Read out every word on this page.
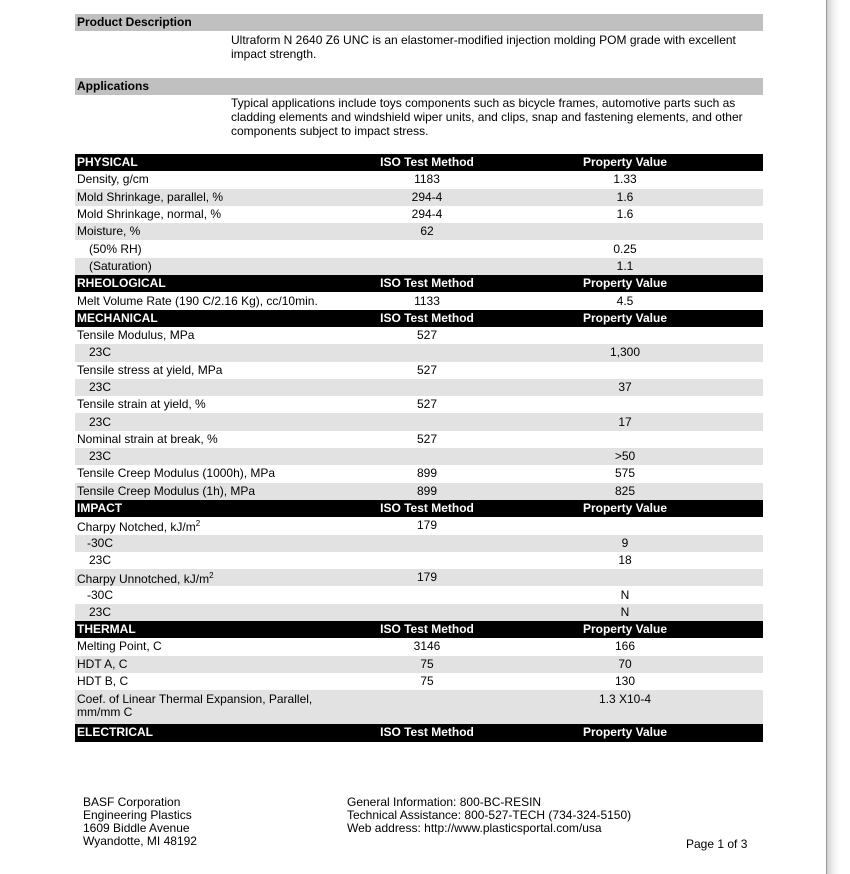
Product Description
Ultraform N 2640 Z6 UNC is an elastomer-modified injection molding POM grade with excellent impact strength.
Applications
Typical applications include toys components such as bicycle frames, automotive parts such as cladding elements and windshield wiper units, and clips, snap and fastening elements, and other components subject to impact stress.
PHYSICAL	ISO Test Method	Property Value
Density, g/cm	1183	1.33
Mold Shrinkage, parallel, %	294-4	1.6
Mold Shrinkage, normal, %	294-4	1.6
Moisture, %	62	
(50% RH)		0.25
(Saturation)		1.1
RHEOLOGICAL	ISO Test Method	Property Value
Melt Volume Rate (190 C/2.16 Kg), cc/10min.	1133	4.5
MECHANICAL	ISO Test Method	Property Value
Tensile Modulus, MPa	527	
23C		1,300
Tensile stress at yield, MPa	527	
23C		37
Tensile strain at yield, %	527	
23C		17
Nominal strain at break, %	527	
23C		>50
Tensile Creep Modulus (1000h), MPa	899	575
Tensile Creep Modulus (1h), MPa	899	825
IMPACT	ISO Test Method	Property Value
Charpy Notched, $kJ/m^2$	179	
-30C		9
23C		18
Charpy Unnotched, $kJ/m^2$	179	
-30C		N
23C		N
THERMAL	ISO Test Method	Property Value
Melting Point, C	3146	166
HDT A, C	75	70
HDT B, C	75	130
Coef. of Linear Thermal Expansion, Parallel, mm/mm C		1.3 X10-4
ELECTRICAL	ISO Test Method	Property Value
BASF Corporation
Engineering Plastics
1609 Biddle Avenue
Wyandotte, MI 48192
General Information: 800-BC-RESIN
Technical Assistance: 800-527-TECH (734-324-5150)
Web address: http://www.plasticsportal.com/usa
Page 1 of 3
